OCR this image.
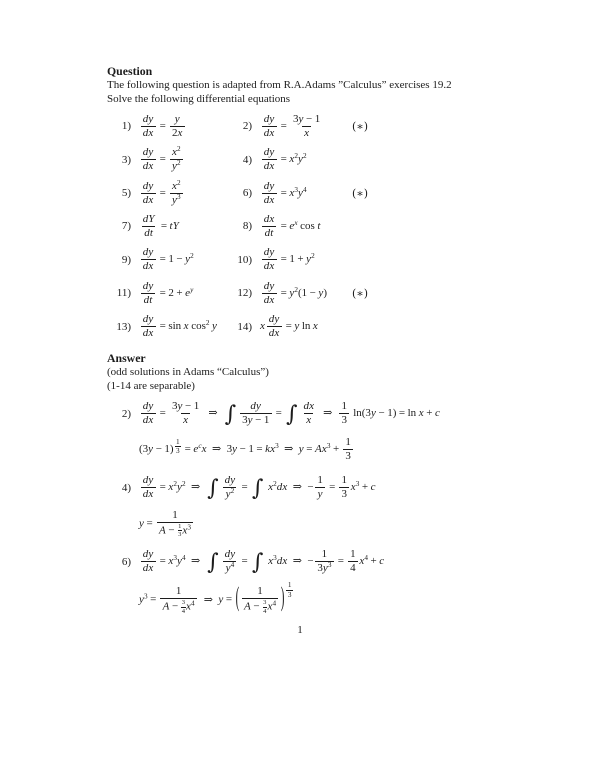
Question
The following question is adapted from R.A.Adams ”Calculus” exercises 19.2
Solve the following differential equations
$1) \frac{dy}{dx} = \frac{y}{2x}$	$2) \frac{dy}{dx} = \frac{3y - 1}{x}$	(∗)
$3) \frac{dy}{dx} = \frac{x^2}{y^2}$	$4) \frac{dy}{dx} = x^2y^2$
$5) \frac{dy}{dx} = \frac{x^2}{y^3}$	$6) \frac{dy}{dx} = x^3y^4$	(∗)
$7) \frac{dY}{dt}$ = tY	$8) \frac{dx}{dt} = e^x$ cos t
$9) \frac{dy}{dx} = 1 - y^2$	$10) \frac{dy}{dx} = 1 + y^2$
$11) \frac{dy}{dt} = 2 + e^y$	$12) \frac{dy}{dx} = y^2(1 - y)$	(∗)
$13) \frac{dy}{dx} = \sin x$ $\cos^2 y$	14) x $\frac{dy}{dx} = y$ ln x
Answer
(odd solutions in Adams “Calculus”)
(1-14 are separable)
$2) \frac{dy}{dx} = \frac{3y - 1}{x}$ ⇒ ∫ $\frac{dy}{3y - 1}$ = ∫ $\frac{dx}{x}$ ⇒ $\frac{1}{3} \ln(3y - 1) = \ln x + c$
(3y − 1) $^{\frac{1}{3}} = e^cx$ ⇒ $3y - 1 = kx^3$ ⇒ $y = Ax^3 + \frac{1}{3}$
$4) \frac{dy}{dx} = x^2y^2$ ⇒ ∫ $\frac{dy}{y^2}$ = ∫ $x^2dx$ ⇒ − $\frac{1}{y} = \frac{1}{3} x^3 + c$
$y = \frac{1}{A - \frac{1}{3} x^3}$
$6) \frac{dy}{dx} = x^3y^4$ ⇒ ∫ $\frac{dy}{y^4}$ = ∫ $x^3dx$ ⇒ − $\frac{1}{3y^3} = \frac{1}{4} x^4 + c$
$y^3 = \frac{1}{A - \frac{3}{4} x^4}$ ⇒ y = ( $\frac{1}{A - \frac{3}{4} x^4}$ ) $^{\frac{1}{3}}$
1
